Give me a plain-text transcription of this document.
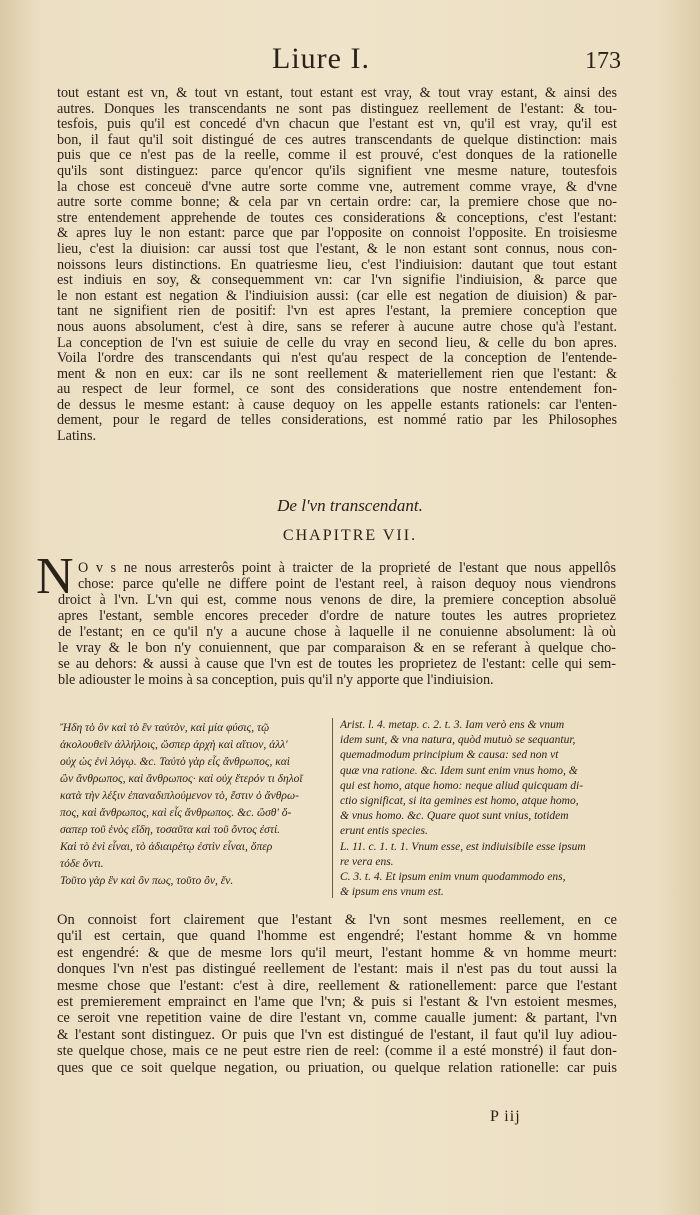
Liure I.	173
tout estant est vn, & tout vn estant, tout estant est vray, & tout vray estant, & ainsi des
autres. Donques les transcendants ne sont pas distinguez reellement de l'estant: & tou-
tesfois, puis qu'il est concedé d'vn chacun que l'estant est vn, qu'il est vray, qu'il est
bon, il faut qu'il soit distingué de ces autres transcendants de quelque distinction: mais
puis que ce n'est pas de la reelle, comme il est prouvé, c'est donques de la rationelle
qu'ils sont distinguez: parce qu'encor qu'ils signifient vne mesme nature, toutesfois
la chose est conceuë d'vne autre sorte comme vne, autrement comme vraye, & d'vne
autre sorte comme bonne; & cela par vn certain ordre: car, la premiere chose que no-
stre entendement apprehende de toutes ces considerations & conceptions, c'est l'estant:
& apres luy le non estant: parce que par l'opposite on connoist l'opposite. En troisiesme
lieu, c'est la diuision: car aussi tost que l'estant, & le non estant sont connus, nous con-
noissons leurs distinctions. En quatriesme lieu, c'est l'indiuision: dautant que tout estant
est indiuis en soy, & consequemment vn: car l'vn signifie l'indiuision, & parce que
le non estant est negation & l'indiuision aussi: (car elle est negation de diuision) & par-
tant ne signifient rien de positif: l'vn est apres l'estant, la premiere conception que
nous auons absolument, c'est à dire, sans se referer à aucune autre chose qu'à l'estant.
La conception de l'vn est suiuie de celle du vray en second lieu, & celle du bon apres.
Voila l'ordre des transcendants qui n'est qu'au respect de la conception de l'entende-
ment & non en eux: car ils ne sont reellement & materiellement rien que l'estant: &
au respect de leur formel, ce sont des considerations que nostre entendement fon-
de dessus le mesme estant: à cause dequoy on les appelle estants rationels: car l'enten-
dement, pour le regard de telles considerations, est nommé ratio par les Philosophes
Latins.
De l'vn transcendant.
CHAPITRE VII.
N O v s ne nous arresterôs point à traicter de la proprieté de l'estant que nous appellôs
chose: parce qu'elle ne differe point de l'estant reel, à raison dequoy nous viendrons
droict à l'vn. L'vn qui est, comme nous venons de dire, la premiere conception absoluë
apres l'estant, semble encores preceder d'ordre de nature toutes les autres proprietez
de l'estant; en ce qu'il n'y a aucune chose à laquelle il ne conuienne absolument: là où
le vray & le bon n'y conuiennent, que par comparaison & en se referant à quelque cho-
se au dehors: & aussi à cause que l'vn est de toutes les proprietez de l'estant: celle qui sem-
ble adiouster le moins à sa conception, puis qu'il n'y apporte que l'indiuision.
Ἤδη τὸ ὂν καὶ τὸ ἓν ταὐτὸν, καὶ μία φύσις, τῷ
ἀκολουθεῖν ἀλλήλοις, ὥσπερ ἀρχὴ καὶ αἴτιον, ἀλλ'
οὐχ ὡς ἑνὶ λόγῳ. &c. Ταὐτὸ γὰρ εἷς ἄνθρωπος, καὶ
ὢν ἄνθρωπος, καὶ ἄνθρωπος· καὶ οὐχ ἕτερόν τι δηλοῖ
κατὰ τὴν λέξιν ἐπαναδιπλούμενον τὸ, ἔστιν ὁ ἄνθρω-
πος, καὶ ἄνθρωπος, καὶ εἷς ἄνθρωπος. &c. ὥσθ' ὅ-
σαπερ τοῦ ἑνὸς εἴδη, τοσαῦτα καὶ τοῦ ὄντος ἐστί.
Καὶ τὸ ἑνὶ εἶναι, τὸ ἀδιαιρέτῳ ἐστὶν εἶναι, ὅπερ
τόδε ὄντι.
Τοῦτο γὰρ ἓν καὶ ὂν πως, τοῦτο ὂν, ἕν.
Arist. l. 4. metap. c. 2. t. 3. Iam verò ens & vnum
idem sunt, & vna natura, quòd mutuò se sequantur,
quemadmodum principium & causa: sed non vt
quæ vna ratione. &c. Idem sunt enim vnus homo, &
qui est homo, atque homo: neque aliud quicquam di-
ctio significat, si ita gemines est homo, atque homo,
& vnus homo. &c. Quare quot sunt vnius, totidem
erunt entis species.
L. 11. c. 1. t. 1. Vnum esse, est indiuisibile esse ipsum
re vera ens.
C. 3. t. 4. Et ipsum enim vnum quodammodo ens,
& ipsum ens vnum est.
On connoist fort clairement que l'estant & l'vn sont mesmes reellement, en ce
qu'il est certain, que quand l'homme est engendré; l'estant homme & vn homme
est engendré: & que de mesme lors qu'il meurt, l'estant homme & vn homme meurt:
donques l'vn n'est pas distingué reellement de l'estant: mais il n'est pas du tout aussi la
mesme chose que l'estant: c'est à dire, reellement & rationellement: parce que l'estant
est premierement emprainct en l'ame que l'vn; & puis si l'estant & l'vn estoient mesmes,
ce seroit vne repetition vaine de dire l'estant vn, comme caualle jument: & partant, l'vn
& l'estant sont distinguez. Or puis que l'vn est distingué de l'estant, il faut qu'il luy adiou-
ste quelque chose, mais ce ne peut estre rien de reel: (comme il a esté monstré) il faut don-
ques que ce soit quelque negation, ou priuation, ou quelque relation rationelle: car puis
P iij
